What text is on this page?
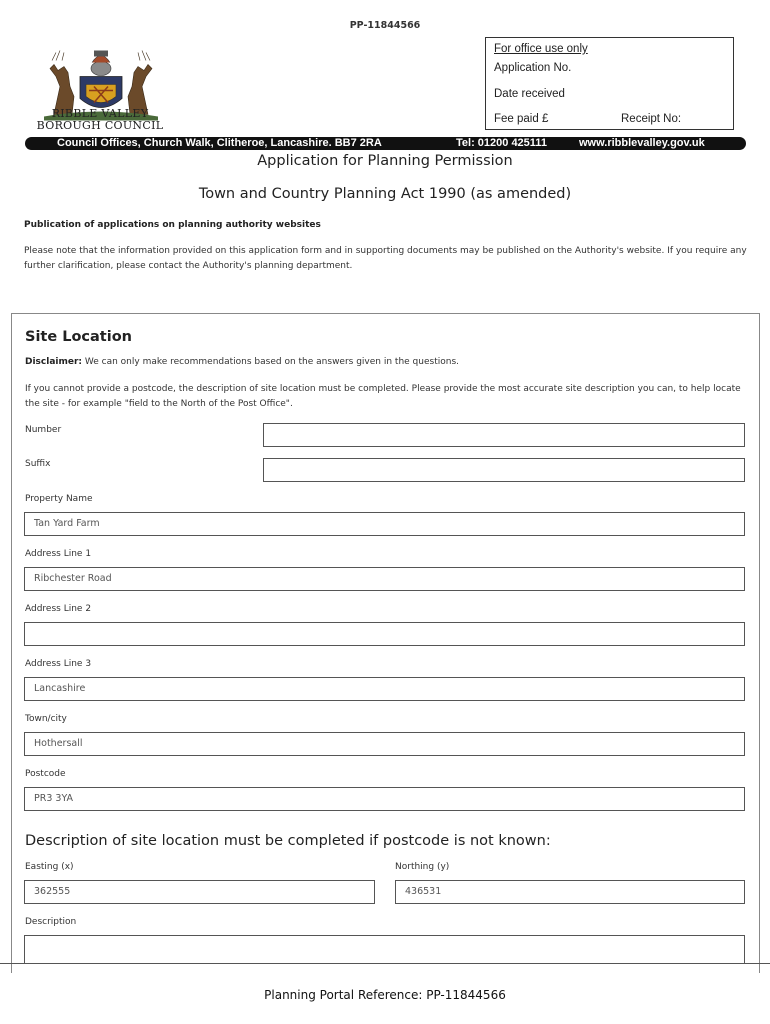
PP-11844566
RIBBLE VALLEY
BOROUGH COUNCIL
For office use only
Application No.
Date received
Fee paid £	Receipt No:
Council Offices, Church Walk, Clitheroe, Lancashire. BB7 2RA	Tel: 01200 425111	www.ribblevalley.gov.uk
Application for Planning Permission
Town and Country Planning Act 1990 (as amended)
Publication of applications on planning authority websites
Please note that the information provided on this application form and in supporting documents may be published on the Authority's website. If you require any further clarification, please contact the Authority's planning department.
Site Location
Disclaimer: We can only make recommendations based on the answers given in the questions.
If you cannot provide a postcode, the description of site location must be completed. Please provide the most accurate site description you can, to help locate the site - for example "field to the North of the Post Office".
Number
Suffix
Property Name
Tan Yard Farm
Address Line 1
Ribchester Road
Address Line 2
Address Line 3
Lancashire
Town/city
Hothersall
Postcode
PR3 3YA
Description of site location must be completed if postcode is not known:
Easting (x)
362555
Northing (y)
436531
Description
Planning Portal Reference: PP-11844566
